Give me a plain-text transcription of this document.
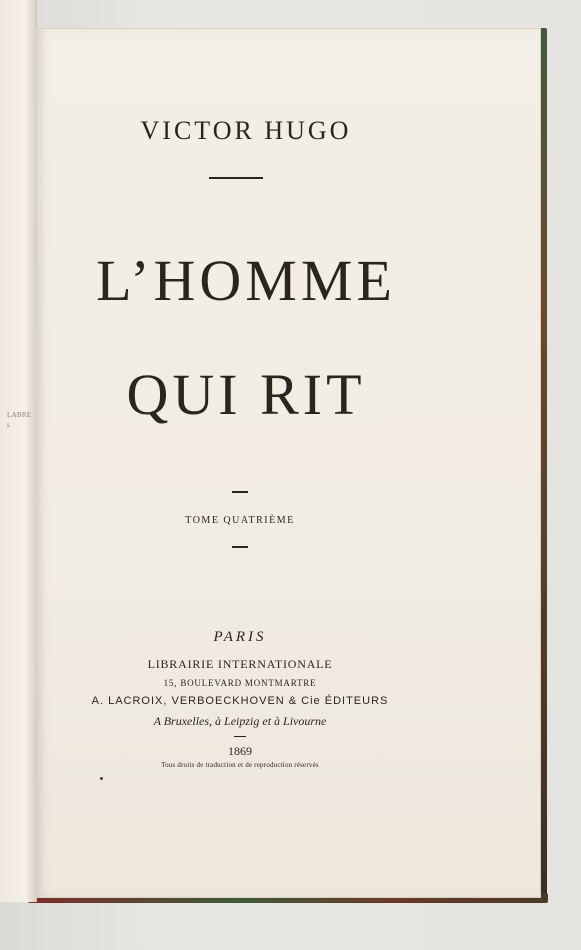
LABRE
s
VICTOR HUGO
L’HOMME
QUI RIT
TOME QUATRIÈME
PARIS
LIBRAIRIE INTERNATIONALE
15, BOULEVARD MONTMARTRE
A. LACROIX, VERBOECKHOVEN & Cie ÉDITEURS
A Bruxelles, à Leipzig et à Livourne
1869
Tous droits de traduction et de reproduction réservés
